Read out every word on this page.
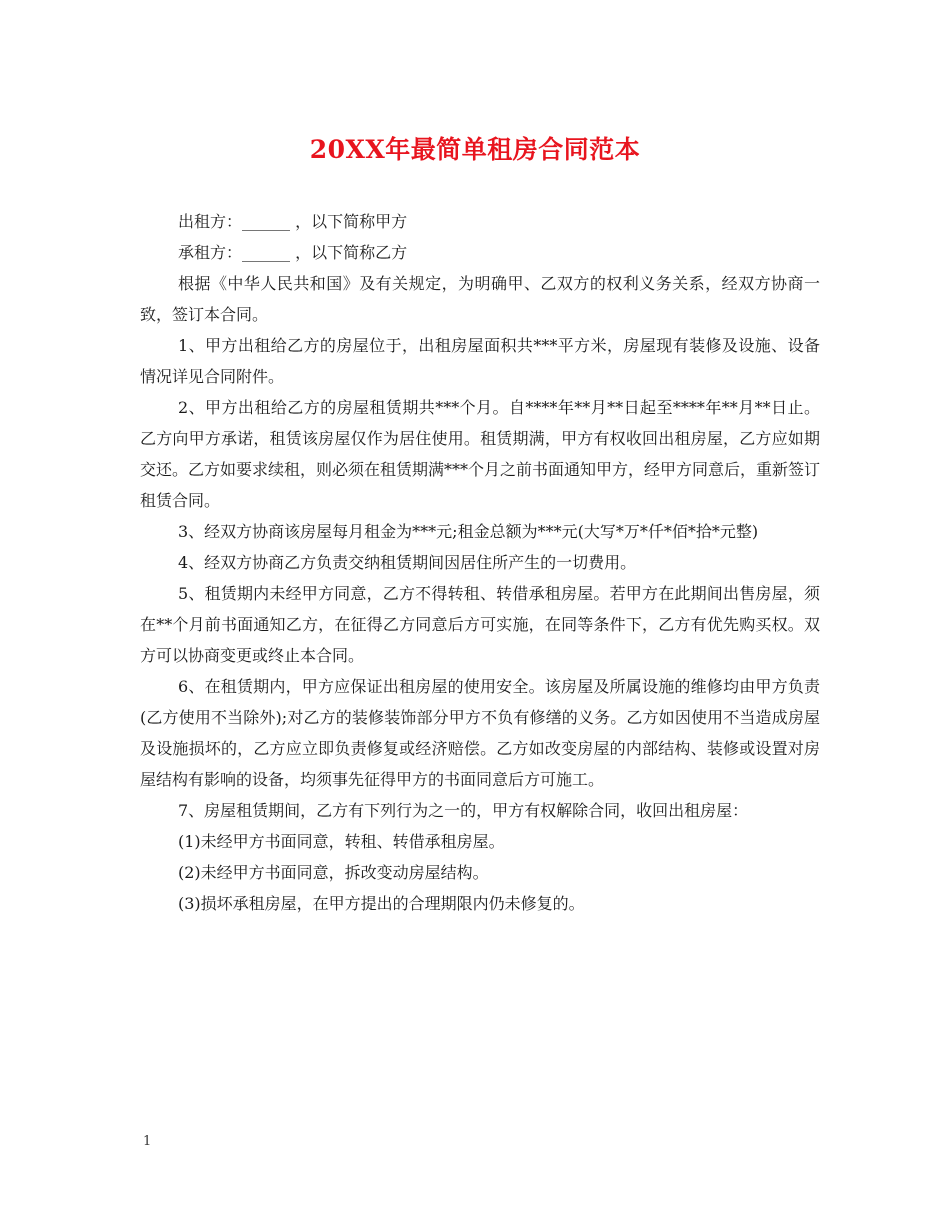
20XX年最简单租房合同范本

出租方：______ ，以下简称甲方

承租方：______ ，以下简称乙方

根据《中华人民共和国》及有关规定，为明确甲、乙双方的权利义务关系，经双方协商一致，签订本合同。

1、甲方出租给乙方的房屋位于，出租房屋面积共***平方米，房屋现有装修及设施、设备情况详见合同附件。

2、甲方出租给乙方的房屋租赁期共***个月。自****年**月**日起至****年**月**日止。乙方向甲方承诺，租赁该房屋仅作为居住使用。租赁期满，甲方有权收回出租房屋，乙方应如期交还。乙方如要求续租，则必须在租赁期满***个月之前书面通知甲方，经甲方同意后，重新签订租赁合同。

3、经双方协商该房屋每月租金为***元;租金总额为***元(大写*万*仟*佰*拾*元整)

4、经双方协商乙方负责交纳租赁期间因居住所产生的一切费用。

5、租赁期内未经甲方同意，乙方不得转租、转借承租房屋。若甲方在此期间出售房屋，须在**个月前书面通知乙方，在征得乙方同意后方可实施，在同等条件下，乙方有优先购买权。双方可以协商变更或终止本合同。

6、在租赁期内，甲方应保证出租房屋的使用安全。该房屋及所属设施的维修均由甲方负责(乙方使用不当除外);对乙方的装修装饰部分甲方不负有修缮的义务。乙方如因使用不当造成房屋及设施损坏的，乙方应立即负责修复或经济赔偿。乙方如改变房屋的内部结构、装修或设置对房屋结构有影响的设备，均须事先征得甲方的书面同意后方可施工。

7、房屋租赁期间，乙方有下列行为之一的，甲方有权解除合同，收回出租房屋：

(1)未经甲方书面同意，转租、转借承租房屋。

(2)未经甲方书面同意，拆改变动房屋结构。

(3)损坏承租房屋，在甲方提出的合理期限内仍未修复的。

1
